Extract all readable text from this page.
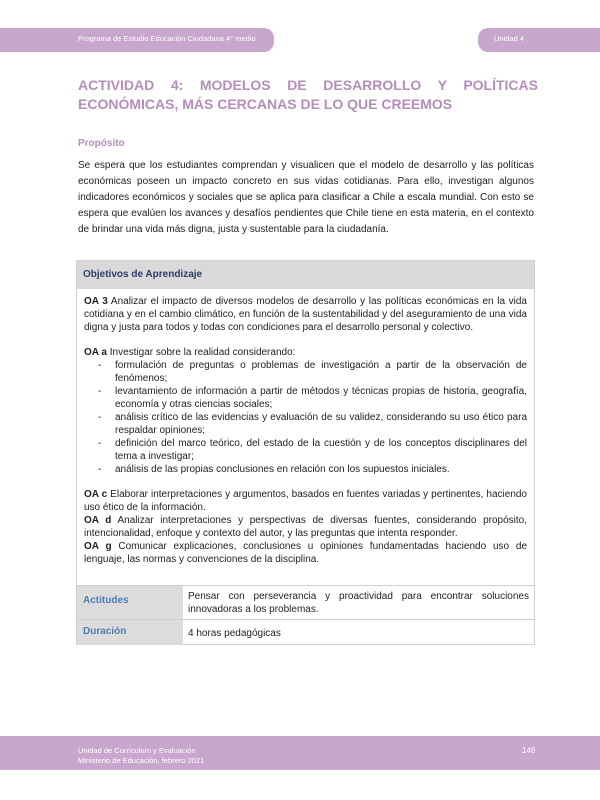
Programa de Estudio Educación Ciudadana 4° medio	Unidad 4
ACTIVIDAD 4: MODELOS DE DESARROLLO Y POLÍTICAS ECONÓMICAS, MÁS CERCANAS DE LO QUE CREEMOS
Propósito

Se espera que los estudiantes comprendan y visualicen que el modelo de desarrollo y las políticas económicas poseen un impacto concreto en sus vidas cotidianas. Para ello, investigan algunos indicadores económicos y sociales que se aplica para clasificar a Chile a escala mundial. Con esto se espera que evalúen los avances y desafíos pendientes que Chile tiene en esta materia, en el contexto de brindar una vida más digna, justa y sustentable para la ciudadanía.

Objetivos de Aprendizaje
OA 3 Analizar el impacto de diversos modelos de desarrollo y las políticas económicas en la vida cotidiana y en el cambio climático, en función de la sustentabilidad y del aseguramiento de una vida digna y justa para todos y todas con condiciones para el desarrollo personal y colectivo.
OA a Investigar sobre la realidad considerando:
- formulación de preguntas o problemas de investigación a partir de la observación de fenómenos;
- levantamiento de información a partir de métodos y técnicas propias de historia, geografía, economía y otras ciencias sociales;
- análisis crítico de las evidencias y evaluación de su validez, considerando su uso ético para respaldar opiniones;
- definición del marco teórico, del estado de la cuestión y de los conceptos disciplinares del tema a investigar;
- análisis de las propias conclusiones en relación con los supuestos iniciales.
OA c Elaborar interpretaciones y argumentos, basados en fuentes variadas y pertinentes, haciendo uso ético de la información.
OA d Analizar interpretaciones y perspectivas de diversas fuentes, considerando propósito, intencionalidad, enfoque y contexto del autor, y las preguntas que intenta responder.
OA g Comunicar explicaciones, conclusiones u opiniones fundamentadas haciendo uso de lenguaje, las normas y convenciones de la disciplina.
Actitudes	Pensar con perseverancia y proactividad para encontrar soluciones innovadoras a los problemas.
Duración	4 horas pedagógicas
Unidad de Currículum y Evaluación
Ministerio de Educación, febrero 2021
146
